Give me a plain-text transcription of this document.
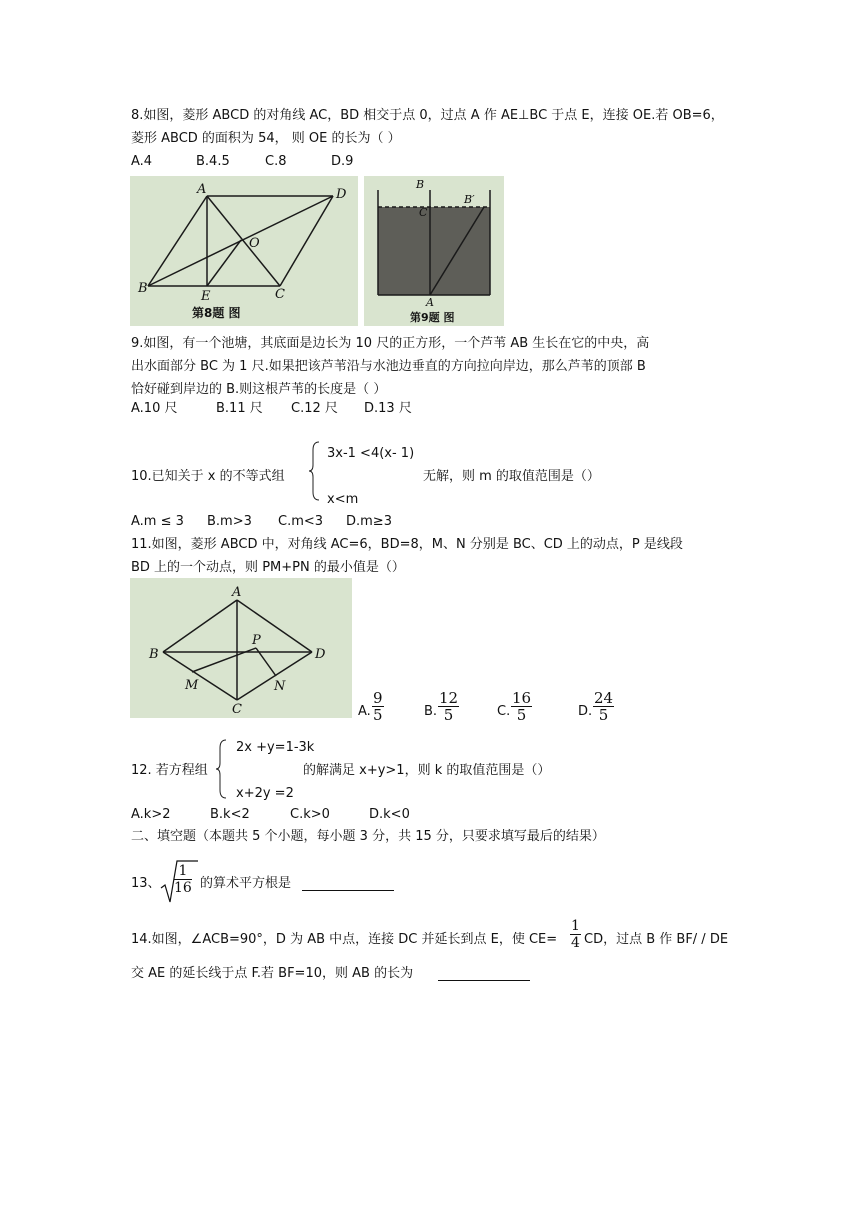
8.如图，菱形 ABCD 的对角线 AC，BD 相交于点 0，过点 A 作 AE⊥BC 于点 E，连接 OE.若 OB=6，
菱形 ABCD 的面积为 54， 则 OE 的长为（ ）
A.4	B.4.5	C.8	D.9
A	D
O
B
E	C
第8题 图
B
C
B′
A
第9题 图
9.如图，有一个池塘，其底面是边长为 10 尺的正方形，一个芦苇 AB 生长在它的中央，高
出水面部分 BC 为 1 尺.如果把该芦苇沿与水池边垂直的方向拉向岸边，那么芦苇的顶部 B
恰好碰到岸边的 B.则这根芦苇的长度是（ ）
A.10 尺	B.11 尺 C.12 尺 D.13 尺
3x-1 <4(x- 1)
10.已知关于 x 的不等式组	无解，则 m 的取值范围是（）
x<m
A.m ≤ 3 B.m>3 C.m<3 D.m≥3
11.如图，菱形 ABCD 中，对角线 AC=6，BD=8，M、N 分别是 BC、CD 上的动点，P 是线段
BD 上的一个动点，则 PM+PN 的最小值是（）
A
B
P
D
M	N
C	A. $\frac{9}{5}$	B. $\frac{12}{5}$	C. $\frac{16}{5}$	D. $\frac{24}{5}$
2x +y=1-3k
12. 若方程组	的解满足 x+y>1，则 k 的取值范围是（）
x+2y =2
A.k>2	B.k<2	C.k>0	D.k<0
二、填空题（本题共 5 个小题，每小题 3 分，共 15 分，只要求填写最后的结果）
13、 $\frac{1}{16}$ 的算术平方根是
14.如图，∠ACB=90°，D 为 AB 中点，连接 DC 并延长到点 E，使 $CE= \frac{1}{4}$ CD，过点 B 作 BF/ / DE
交 AE 的延长线于点 F.若 BF=10，则 AB 的长为
